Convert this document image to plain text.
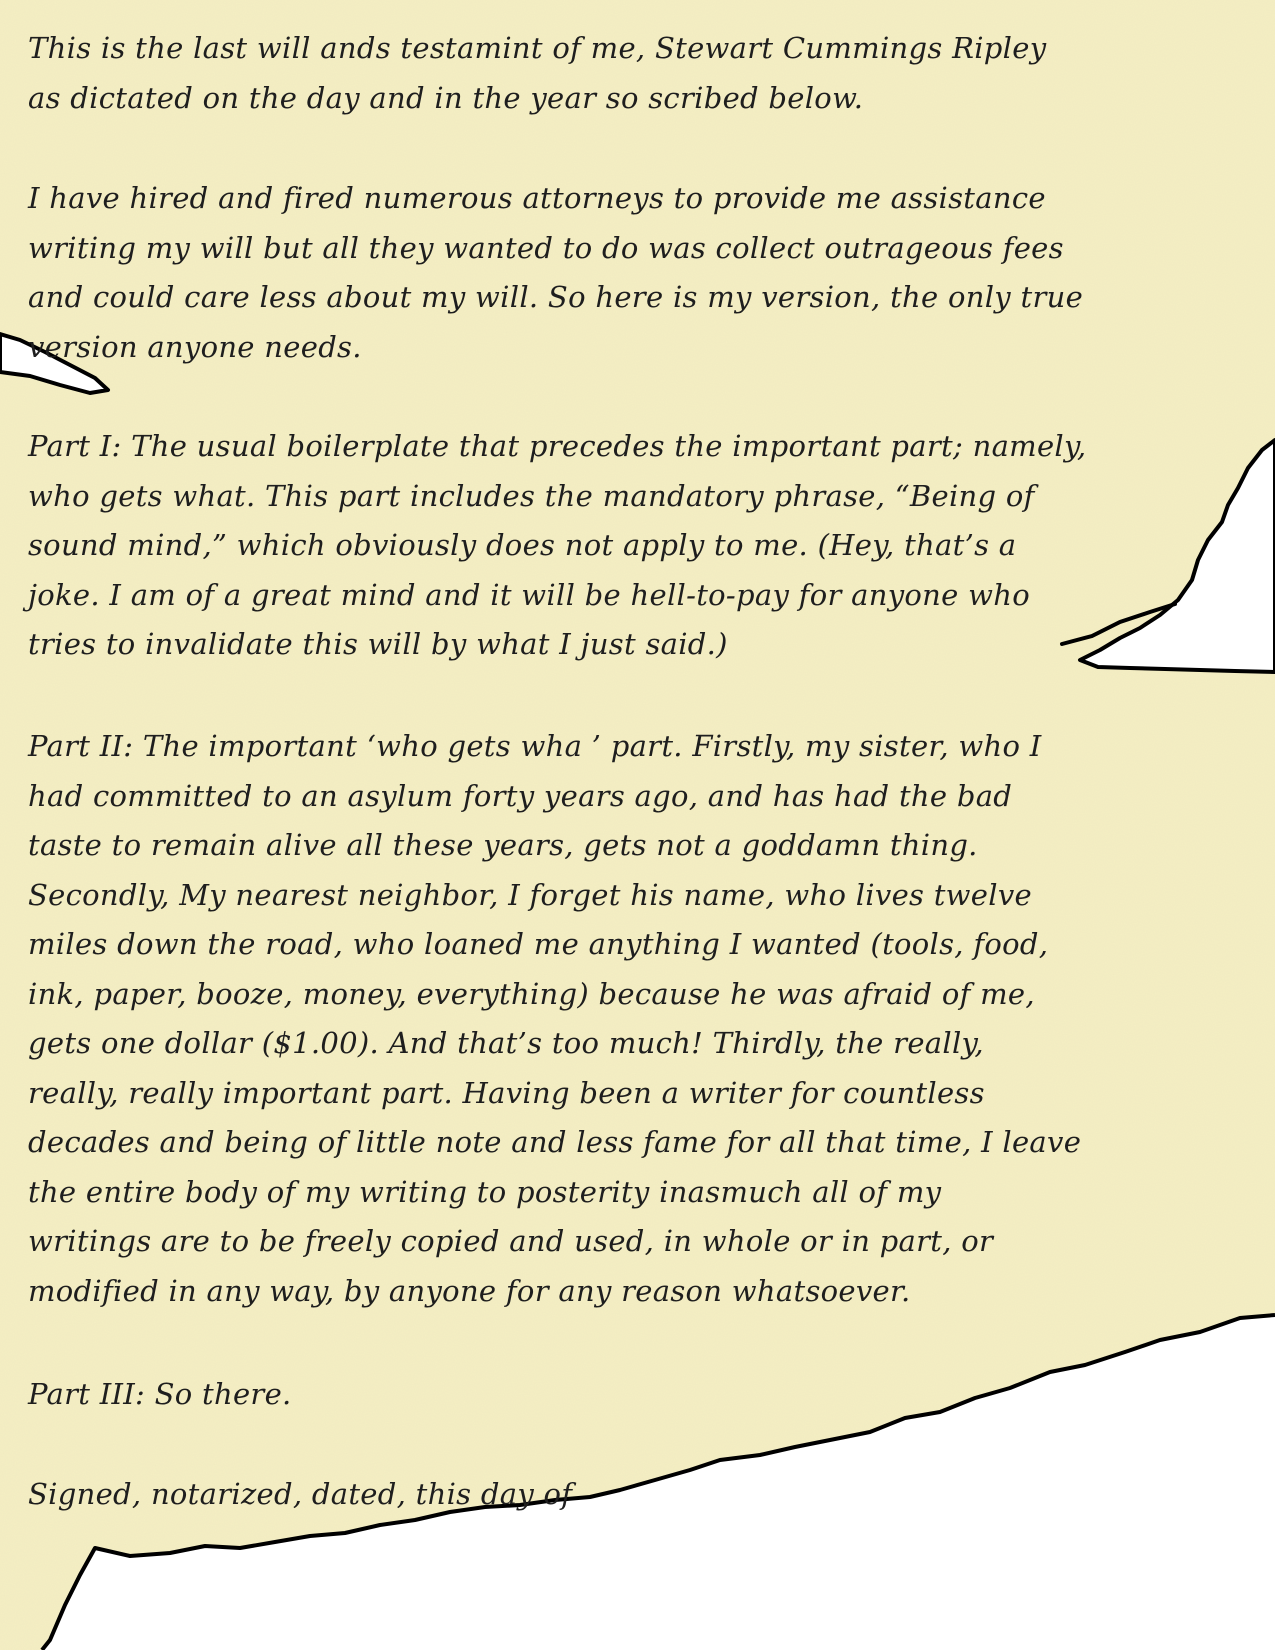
This is the last will ands testamint of me, Stewart Cummings Ripley
as dictated on the day and in the year so scribed below.
I have hired and fired numerous attorneys to provide me assistance
writing my will but all they wanted to do was collect outrageous fees
and could care less about my will. So here is my version, the only true
version anyone needs.
Part I: The usual boilerplate that precedes the important part; namely,
who gets what. This part includes the mandatory phrase, “Being of
sound mind,” which obviously does not apply to me. (Hey, that’s a
joke. I am of a great mind and it will be hell-to-pay for anyone who
tries to invalidate this will by what I just said.)
Part II: The important ‘who gets wha ’ part. Firstly, my sister, who I
had committed to an asylum forty years ago, and has had the bad
taste to remain alive all these years, gets not a goddamn thing.
Secondly, My nearest neighbor, I forget his name, who lives twelve
miles down the road, who loaned me anything I wanted (tools, food,
ink, paper, booze, money, everything) because he was afraid of me,
gets one dollar ($1.00). And that’s too much! Thirdly, the really,
really, really important part. Having been a writer for countless
decades and being of little note and less fame for all that time, I leave
the entire body of my writing to posterity inasmuch all of my
writings are to be freely copied and used, in whole or in part, or
modified in any way, by anyone for any reason whatsoever.
Part III: So there.
Signed, notarized, dated, this day of
